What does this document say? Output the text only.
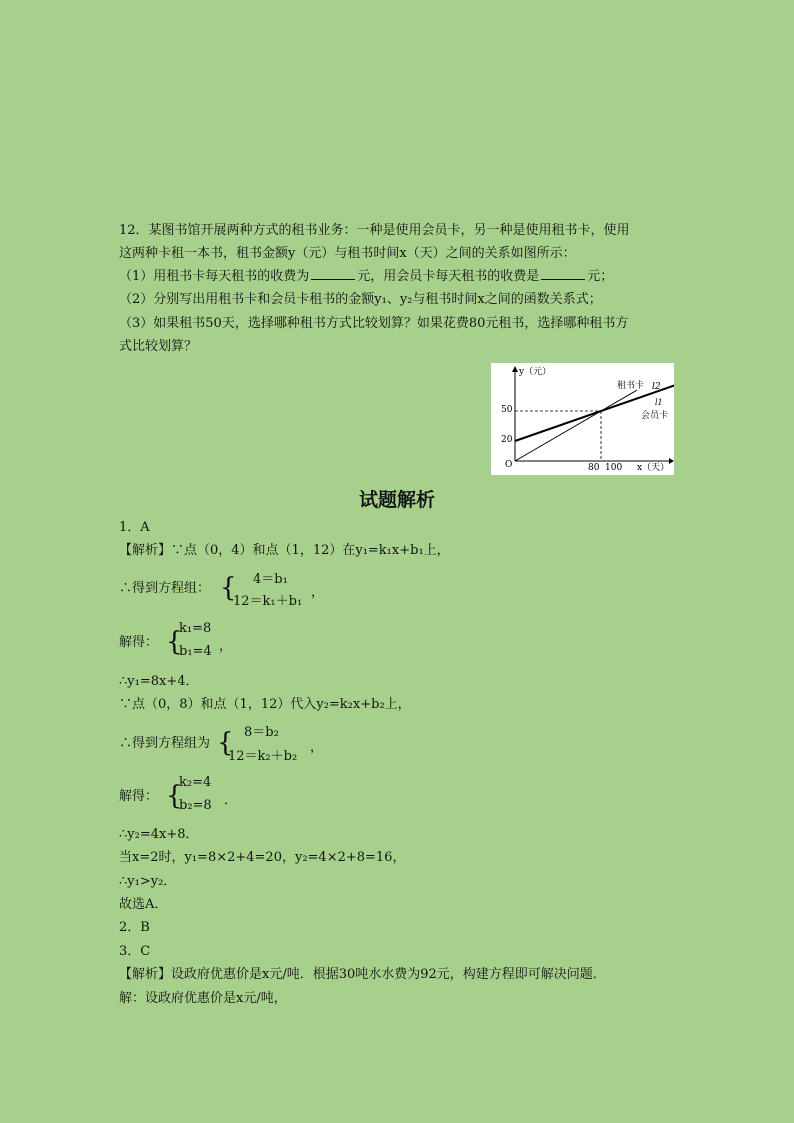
12．某图书馆开展两种方式的租书业务：一种是使用会员卡，另一种是使用租书卡，使用
这两种卡租一本书，租书金额y（元）与租书时间x（天）之间的关系如图所示：
（1）用租书卡每天租书的收费为	元，用会员卡每天租书的收费是	元；
（2）分别写出用租书卡和会员卡租书的金额y₁、y₂与租书时间x之间的函数关系式；
（3）如果租书50天，选择哪种租书方式比较划算？如果花费80元租书，选择哪种租书方
式比较划算？
y（元）
x（天）
O
50
20
80 100
租书卡 l2
l1
会员卡
试题解析
1．A
【解析】∵点（0，4）和点（1，12）在y₁=k₁x+b₁上，
∴得到方程组： { 4＝b₁
12＝k₁＋b₁
，
解得： {
k₁=8
b₁=4 ，
∴y₁=8x+4．
∵点（0，8）和点（1，12）代入y₂=k₂x+b₂上，
∴得到方程组为 { 8＝b₂
12＝k₂＋b₂
，
解得： {
k₂=4
b₂=8 ．
∴y₂=4x+8．
当x=2时，y₁=8×2+4=20，y₂=4×2+8=16，
∴y₁>y₂．
故选A．
2．B
3．C
【解析】设政府优惠价是x元/吨．根据30吨水水费为92元，构建方程即可解决问题．
解：设政府优惠价是x元/吨，
